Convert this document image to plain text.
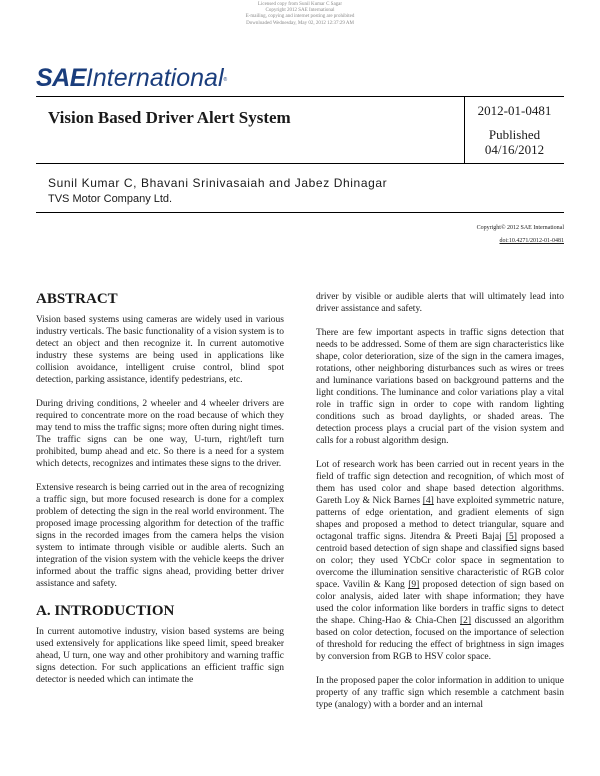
Licensed copy from Sunil Kumar C Sagar
Copyright 2012 SAE International
E-mailing, copying and internet posting are prohibited
Downloaded Wednesday, May 02, 2012 12:37:29 AM
SAEInternational®
Vision Based Driver Alert System	2012-01-0481
Published
04/16/2012
Sunil Kumar C, Bhavani Srinivasaiah and Jabez Dhinagar
TVS Motor Company Ltd.
Copyright© 2012 SAE International
doi:10.4271/2012-01-0481
ABSTRACT

Vision based systems using cameras are widely used in various industry verticals. The basic functionality of a vision system is to detect an object and then recognize it. In current automotive industry these systems are being used in applications like collision avoidance, intelligent cruise control, blind spot detection, parking assistance, identify pedestrians, etc.

During driving conditions, 2 wheeler and 4 wheeler drivers are required to concentrate more on the road because of which they may tend to miss the traffic signs; more often during night times. The traffic signs can be one way, U-turn, right/left turn prohibited, bump ahead and etc. So there is a need for a system which detects, recognizes and intimates these signs to the driver.

Extensive research is being carried out in the area of recognizing a traffic sign, but more focused research is done for a complex problem of detecting the sign in the real world environment. The proposed image processing algorithm for detection of the traffic signs in the recorded images from the camera helps the vision system to intimate through visible or audible alerts. Such an integration of the vision system with the vehicle keeps the driver informed about the traffic signs ahead, providing better driver assistance and safety.

A. INTRODUCTION

In current automotive industry, vision based systems are being used extensively for applications like speed limit, speed breaker ahead, U turn, one way and other prohibitory and warning traffic signs detection. For such applications an efficient traffic sign detector is needed which can intimate the

driver by visible or audible alerts that will ultimately lead into driver assistance and safety.

There are few important aspects in traffic signs detection that needs to be addressed. Some of them are sign characteristics like shape, color deterioration, size of the sign in the camera images, rotations, other neighboring disturbances such as wires or trees and luminance variations based on background patterns and the light conditions. The luminance and color variations play a vital role in traffic sign in order to cope with random lighting conditions such as broad daylights, or shaded areas. The detection process plays a crucial part of the vision system and calls for a robust algorithm design.

Lot of research work has been carried out in recent years in the field of traffic sign detection and recognition, of which most of them has used color and shape based detection algorithms. Gareth Loy & Nick Barnes [4] have exploited symmetric nature, patterns of edge orientation, and gradient elements of sign shapes and proposed a method to detect triangular, square and octagonal traffic signs. Jitendra & Preeti Bajaj [5] proposed a centroid based detection of sign shape and classified signs based on color; they used YCbCr color space in segmentation to overcome the illumination sensitive characteristic of RGB color space. Vavilin & Kang [9] proposed detection of sign based on color analysis, aided later with shape information; they have used the color information like borders in traffic signs to detect the shape. Ching-Hao & Chia-Chen [2] discussed an algorithm based on color detection, focused on the importance of selection of threshold for reducing the effect of brightness in sign images by conversion from RGB to HSV color space.

In the proposed paper the color information in addition to unique property of any traffic sign which resemble a catchment basin type (analogy) with a border and an internal
